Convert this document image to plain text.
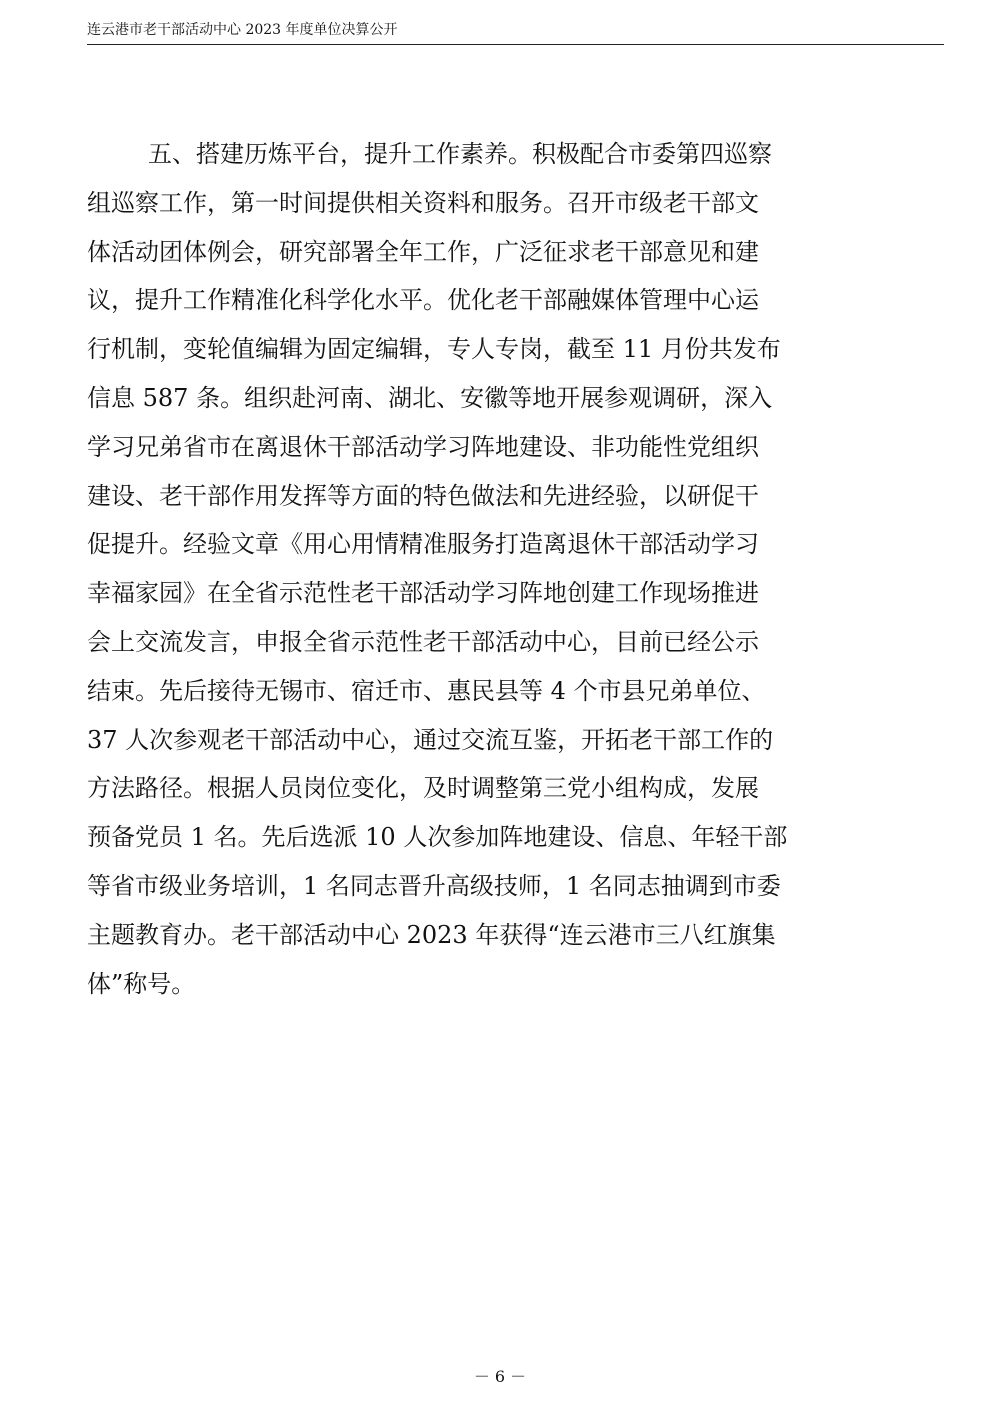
连云港市老干部活动中心 2023 年度单位决算公开
五、搭建历炼平台，提升工作素养。积极配合市委第四巡察
组巡察工作，第一时间提供相关资料和服务。召开市级老干部文
体活动团体例会，研究部署全年工作，广泛征求老干部意见和建
议，提升工作精准化科学化水平。优化老干部融媒体管理中心运
行机制，变轮值编辑为固定编辑，专人专岗，截至 11 月份共发布
信息 587 条。组织赴河南、湖北、安徽等地开展参观调研，深入
学习兄弟省市在离退休干部活动学习阵地建设、非功能性党组织
建设、老干部作用发挥等方面的特色做法和先进经验，以研促干
促提升。经验文章《用心用情精准服务打造离退休干部活动学习
幸福家园》在全省示范性老干部活动学习阵地创建工作现场推进
会上交流发言，申报全省示范性老干部活动中心，目前已经公示
结束。先后接待无锡市、宿迁市、惠民县等 4 个市县兄弟单位、
37 人次参观老干部活动中心，通过交流互鉴，开拓老干部工作的
方法路径。根据人员岗位变化，及时调整第三党小组构成，发展
预备党员 1 名。先后选派 10 人次参加阵地建设、信息、年轻干部
等省市级业务培训，1 名同志晋升高级技师，1 名同志抽调到市委
主题教育办。老干部活动中心 2023 年获得“连云港市三八红旗集
体”称号。
－ 6 －
